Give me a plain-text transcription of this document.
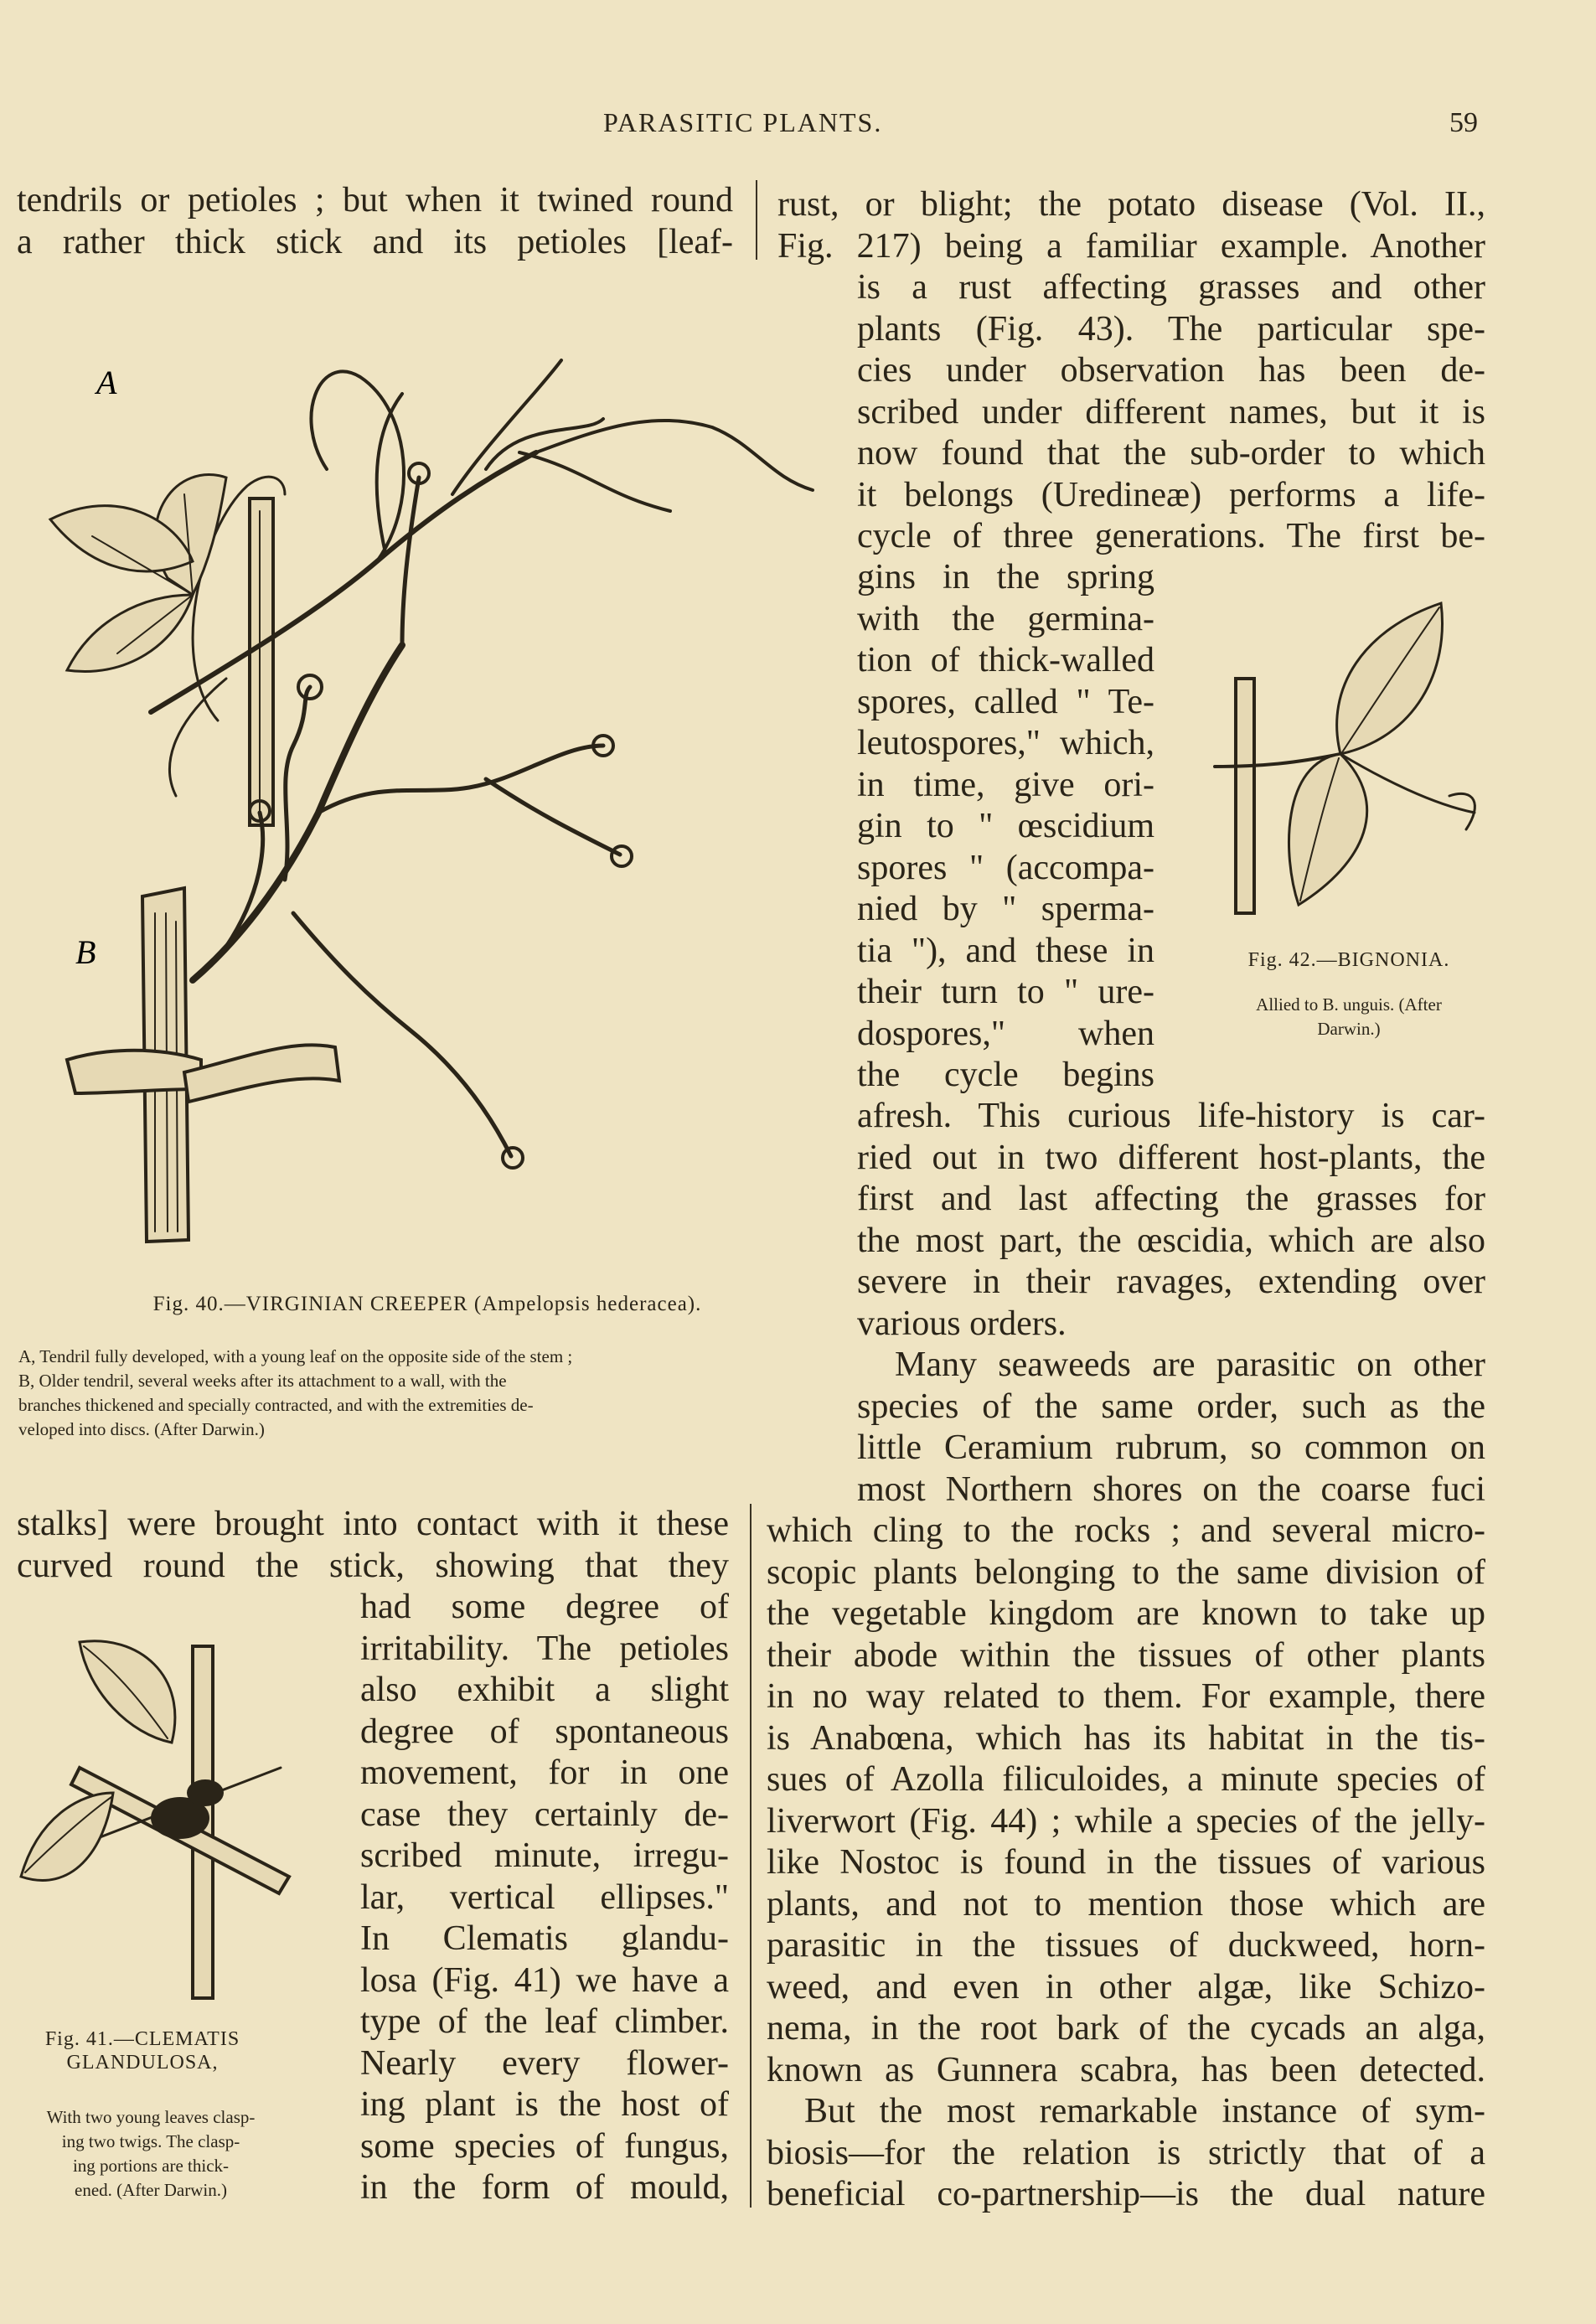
PARASITIC PLANTS.	59
tendrils or petioles ; but when it twined round
a rather thick stick and its petioles [leaf-
A
B
Fig. 40.—VIRGINIAN CREEPER (Ampelopsis hederacea).
A, Tendril fully developed, with a young leaf on the opposite side of the stem ;
B, Older tendril, several weeks after its attachment to a wall, with the
branches thickened and specially contracted, and with the extremities de-
veloped into discs. (After Darwin.)
stalks] were brought into contact with it these
curved round the stick, showing that they
had some degree of
irritability. The petioles
also exhibit a slight
degree of spontaneous
movement, for in one
case they certainly de-
scribed minute, irregu-
lar, vertical ellipses."
In Clematis glandu-
losa (Fig. 41) we have a
type of the leaf climber.
Nearly every flower-
ing plant is the host of
some species of fungus,
in the form of mould,
Fig. 41.—CLEMATIS
GLANDULOSA,
With two young leaves clasp-
ing two twigs. The clasp-
ing portions are thick-
ened. (After Darwin.)
rust, or blight; the potato disease (Vol. II.,
Fig. 217) being a familiar example. Another
is a rust affecting grasses and other
plants (Fig. 43). The particular spe-
cies under observation has been de-
scribed under different names, but it is
now found that the sub-order to which
it belongs (Uredineæ) performs a life-
cycle of three generations. The first be-
gins in the spring
with the germina-
tion of thick-walled
spores, called " Te-
leutospores," which,
in time, give ori-
gin to " œscidium
spores " (accompa-
nied by " sperma-
tia "), and these in
their turn to " ure-
dospores," when
the cycle begins
Fig. 42.—BIGNONIA.
Allied to B. unguis. (After
Darwin.)
afresh. This curious life-history is car-
ried out in two different host-plants, the
first and last affecting the grasses for
the most part, the œscidia, which are also
severe in their ravages, extending over
various orders.
Many seaweeds are parasitic on other
species of the same order, such as the
little Ceramium rubrum, so common on
most Northern shores on the coarse fuci
which cling to the rocks ; and several micro-
scopic plants belonging to the same division of
the vegetable kingdom are known to take up
their abode within the tissues of other plants
in no way related to them. For example, there
is Anabœna, which has its habitat in the tis-
sues of Azolla filiculoides, a minute species of
liverwort (Fig. 44) ; while a species of the jelly-
like Nostoc is found in the tissues of various
plants, and not to mention those which are
parasitic in the tissues of duckweed, horn-
weed, and even in other algæ, like Schizo-
nema, in the root bark of the cycads an alga,
known as Gunnera scabra, has been detected.
But the most remarkable instance of sym-
biosis—for the relation is strictly that of a
beneficial co-partnership—is the dual nature
